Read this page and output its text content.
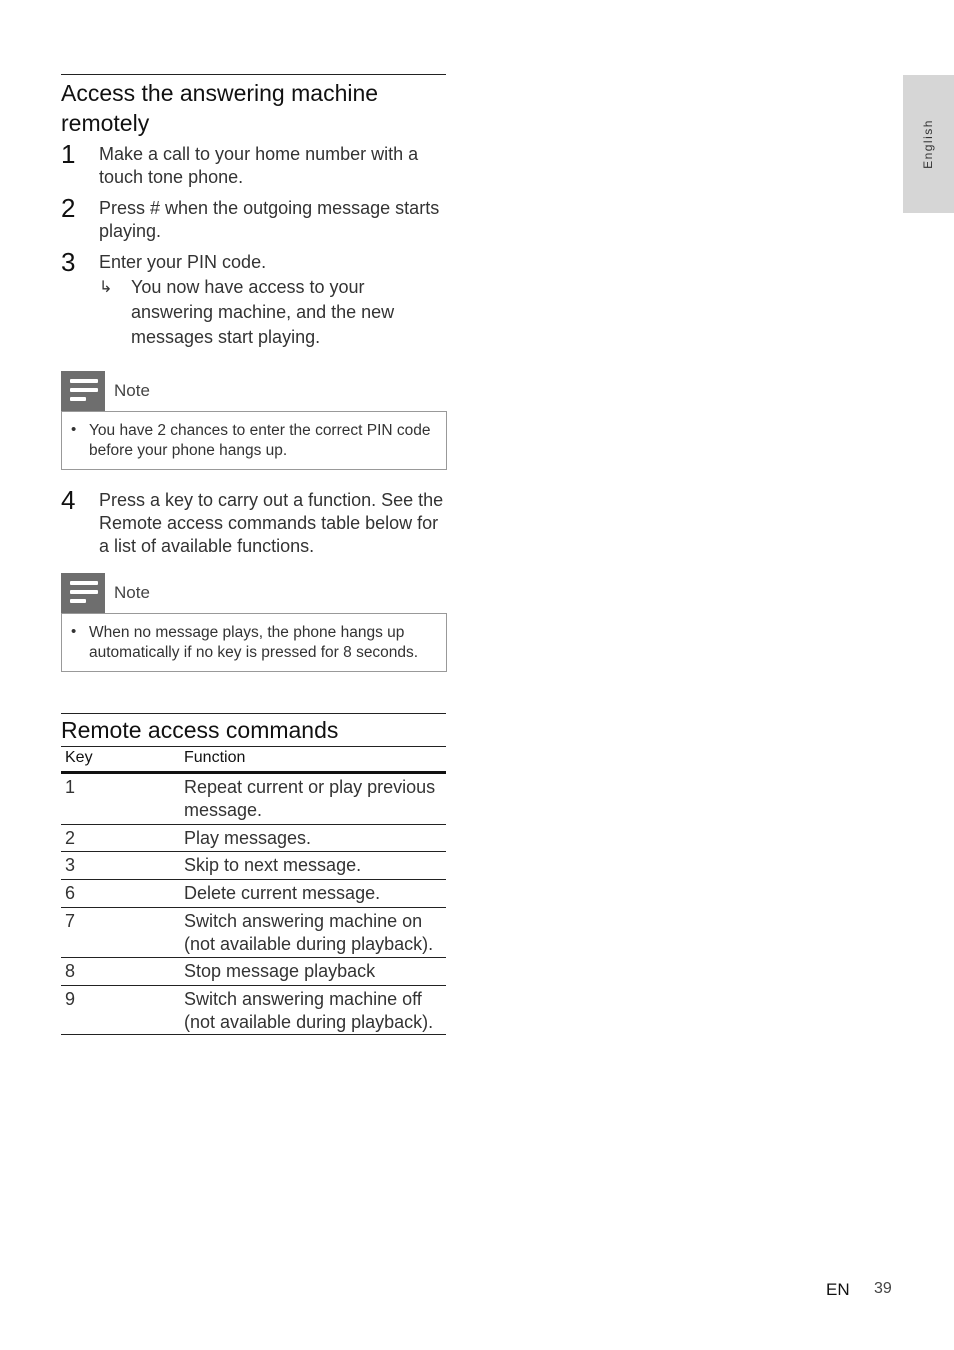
English
Access the answering machine
remotely
1 Make a call to your home number with a touch tone phone.
2 Press # when the outgoing message starts playing.
3 Enter your PIN code.
↳ You now have access to your answering machine, and the new messages start playing.
Note
• You have 2 chances to enter the correct PIN code before your phone hangs up.
4 Press a key to carry out a function. See the Remote access commands table below for a list of available functions.
Note
• When no message plays, the phone hangs up automatically if no key is pressed for 8 seconds.
Remote access commands
Key	Function
1	Repeat current or play previous message.
2	Play messages.
3	Skip to next message.
6	Delete current message.
7	Switch answering machine on (not available during playback).
8	Stop message playback
9	Switch answering machine off (not available during playback).
EN 39
